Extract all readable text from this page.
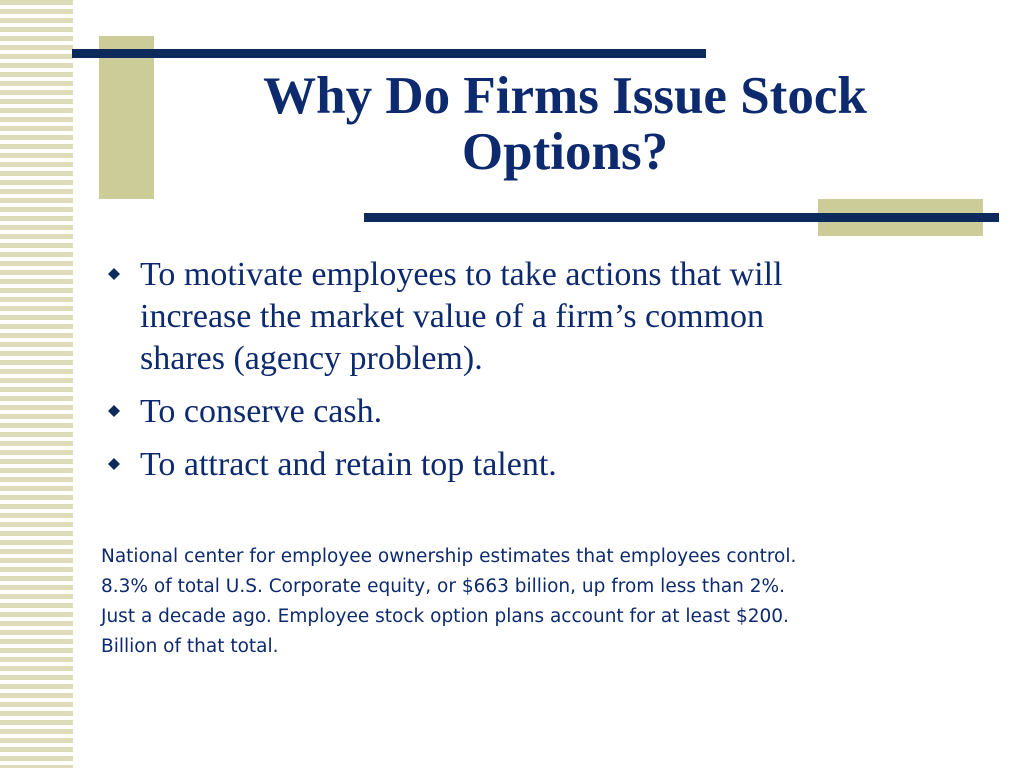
Why Do Firms Issue Stock
Options?
To motivate employees to take actions that will
increase the market value of a firm’s common
shares (agency problem).
To conserve cash.
To attract and retain top talent.

National center for employee ownership estimates that employees control.
8.3% of total U.S. Corporate equity, or $663 billion, up from less than 2%.
Just a decade ago. Employee stock option plans account for at least $200.
Billion of that total.
